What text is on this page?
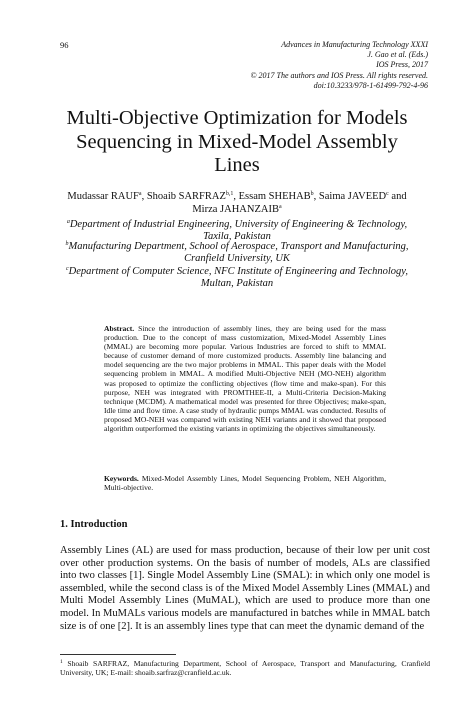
96	Advances in Manufacturing Technology XXXI
J. Gao et al. (Eds.)
IOS Press, 2017
© 2017 The authors and IOS Press. All rights reserved.
doi:10.3233/978-1-61499-792-4-96
Multi-Objective Optimization for Models
Sequencing in Mixed-Model Assembly
Lines
Mudassar RAUF$^a$, Shoaib SARFRAZ$^{b,1}$, Essam SHEHAB$^b$, Saima JAVEED$^c$ and
Mirza JAHANZAIB$^a$
$^a$Department of Industrial Engineering, University of Engineering & Technology,
Taxila, Pakistan
$^b$Manufacturing Department, School of Aerospace, Transport and Manufacturing,
Cranfield University, UK
$^c$Department of Computer Science, NFC Institute of Engineering and Technology,
Multan, Pakistan
Abstract. Since the introduction of assembly lines, they are being used for the mass production. Due to the concept of mass customization, Mixed-Model Assembly Lines (MMAL) are becoming more popular. Various Industries are forced to shift to MMAL because of customer demand of more customized products. Assembly line balancing and model sequencing are the two major problems in MMAL. This paper deals with the Model sequencing problem in MMAL. A modified Multi-Objective NEH (MO-NEH) algorithm was proposed to optimize the conflicting objectives (flow time and make-span). For this purpose, NEH was integrated with PROMTHEE-II, a Multi-Criteria Decision-Making technique (MCDM). A mathematical model was presented for three Objectives; make-span, Idle time and flow time. A case study of hydraulic pumps MMAL was conducted. Results of proposed MO-NEH was compared with existing NEH variants and it showed that proposed algorithm outperformed the existing variants in optimizing the objectives simultaneously.
Keywords. Mixed-Model Assembly Lines, Model Sequencing Problem, NEH Algorithm, Multi-objective.
1. Introduction
Assembly Lines (AL) are used for mass production, because of their low per unit cost over other production systems. On the basis of number of models, ALs are classified into two classes [1]. Single Model Assembly Line (SMAL): in which only one model is assembled, while the second class is of the Mixed Model Assembly Lines (MMAL) and Multi Model Assembly Lines (MuMAL), which are used to produce more than one model. In MuMALs various models are manufactured in batches while in MMAL batch size is of one [2]. It is an assembly lines type that can meet the dynamic demand of the
$^1$ Shoaib SARFRAZ, Manufacturing Department, School of Aerospace, Transport and Manufacturing, Cranfield University, UK; E-mail: shoaib.sarfraz@cranfield.ac.uk.
